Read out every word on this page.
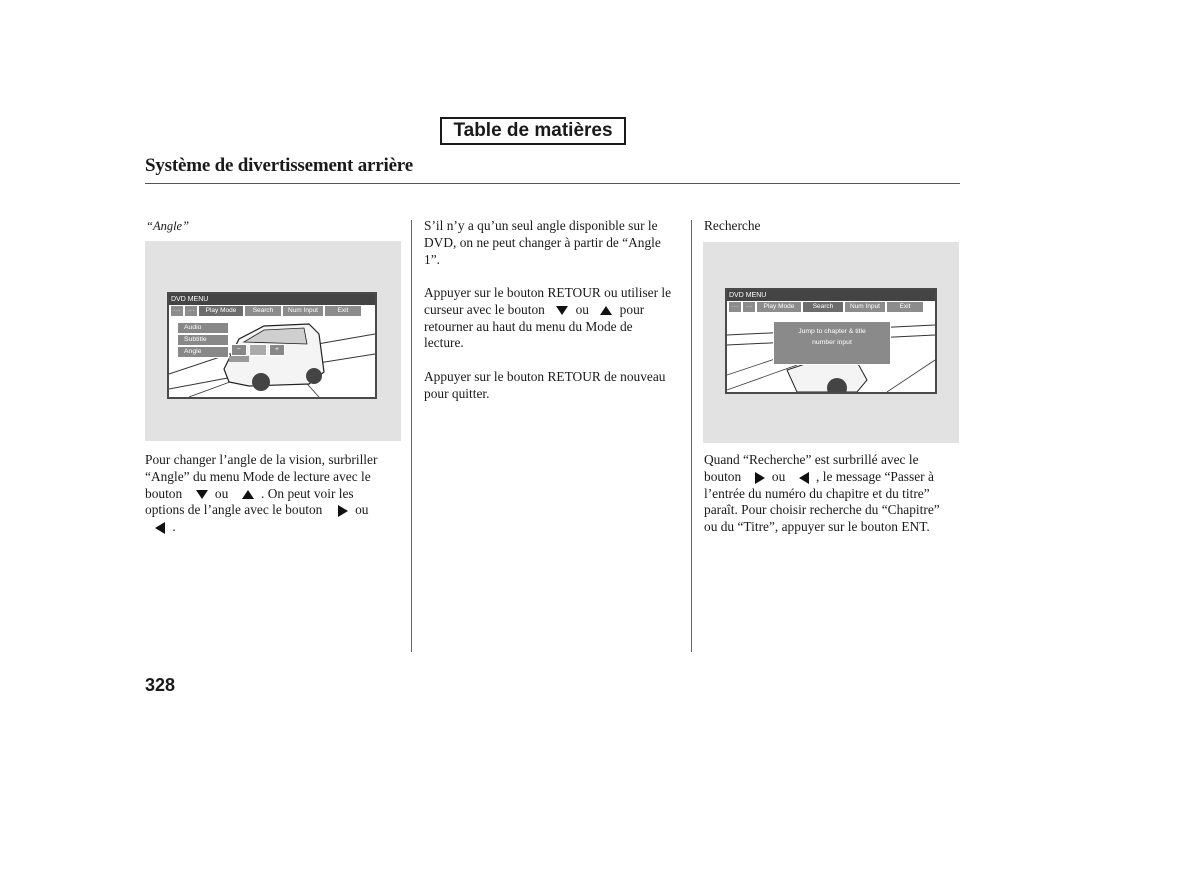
Table de matières
Système de divertissement arrière
“Angle”
DVD MENU
···	···	Play Mode	Search	Num Input	Exit
Audio
Subtitle
Angle	−	+
Pour changer l’angle de la vision, surbriller
“Angle” du menu Mode de lecture avec le
bouton ou . On peut voir les
options de l’angle avec le bouton ou
.
S’il n’y a qu’un seul angle disponible sur le
DVD, on ne peut changer à partir de “Angle
1”.
Appuyer sur le bouton RETOUR ou utiliser le
curseur avec le bouton ou pour
retourner au haut du menu du Mode de
lecture.
Appuyer sur le bouton RETOUR de nouveau
pour quitter.
Recherche
DVD MENU
···	···	Play Mode	Search	Num Input	Exit
Jump to chapter & title
number input
Quand “Recherche” est surbrillé avec le
bouton ou , le message “Passer à
l’entrée du numéro du chapitre et du titre”
paraît. Pour choisir recherche du “Chapitre”
ou du “Titre”, appuyer sur le bouton ENT.
328
